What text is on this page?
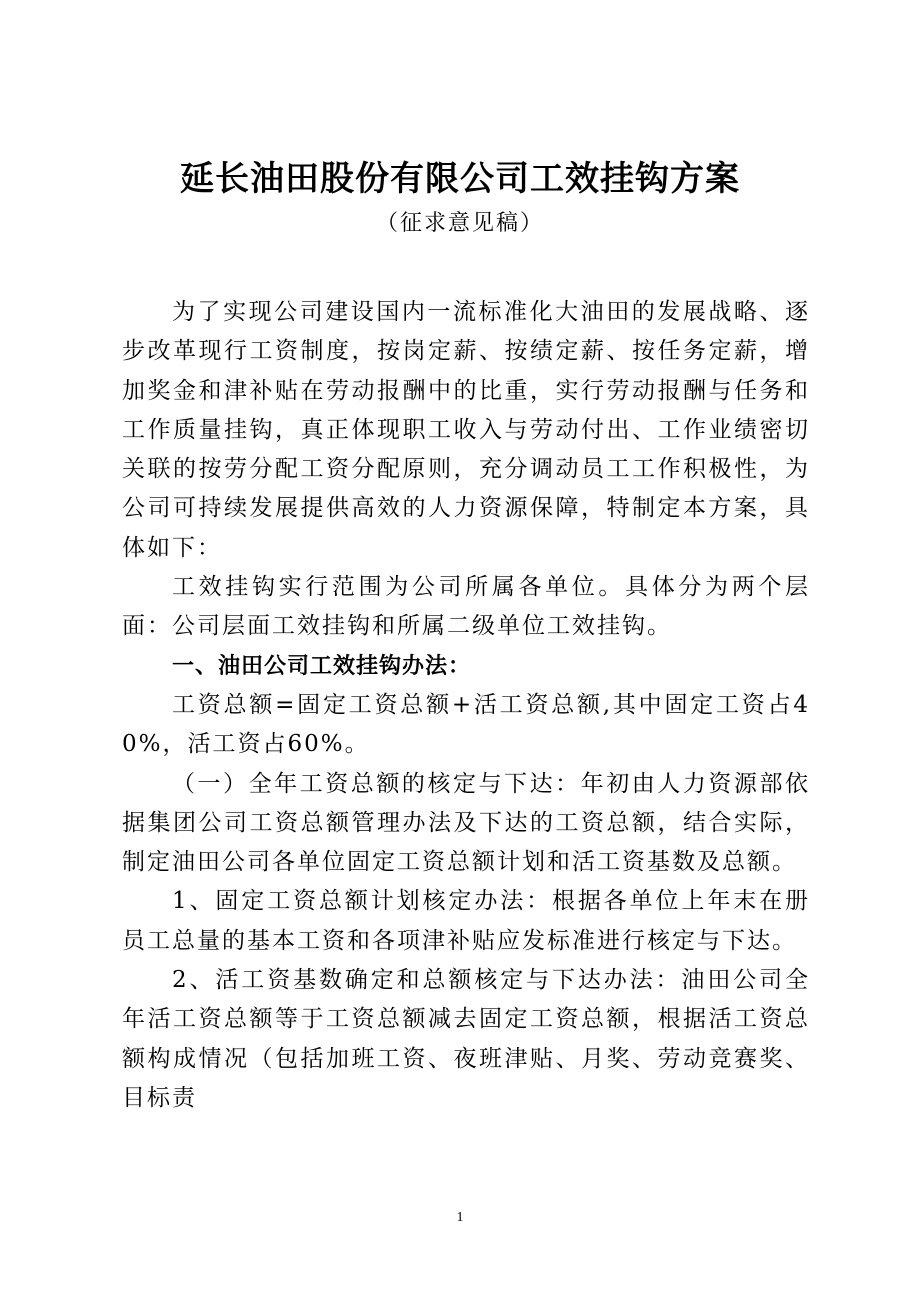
延长油田股份有限公司工效挂钩方案
（征求意见稿）

为了实现公司建设国内一流标准化大油田的发展战略、逐步改革现行工资制度，按岗定薪、按绩定薪、按任务定薪，增加奖金和津补贴在劳动报酬中的比重，实行劳动报酬与任务和工作质量挂钩，真正体现职工收入与劳动付出、工作业绩密切关联的按劳分配工资分配原则，充分调动员工工作积极性，为公司可持续发展提供高效的人力资源保障，特制定本方案，具体如下：

工效挂钩实行范围为公司所属各单位。具体分为两个层面：公司层面工效挂钩和所属二级单位工效挂钩。

一、油田公司工效挂钩办法：

工资总额=固定工资总额+活工资总额,其中固定工资占40%，活工资占60%。

（一）全年工资总额的核定与下达：年初由人力资源部依据集团公司工资总额管理办法及下达的工资总额，结合实际，制定油田公司各单位固定工资总额计划和活工资基数及总额。

1、固定工资总额计划核定办法：根据各单位上年末在册员工总量的基本工资和各项津补贴应发标准进行核定与下达。

2、活工资基数确定和总额核定与下达办法：油田公司全年活工资总额等于工资总额减去固定工资总额，根据活工资总额构成情况（包括加班工资、夜班津贴、月奖、劳动竞赛奖、目标责

1
